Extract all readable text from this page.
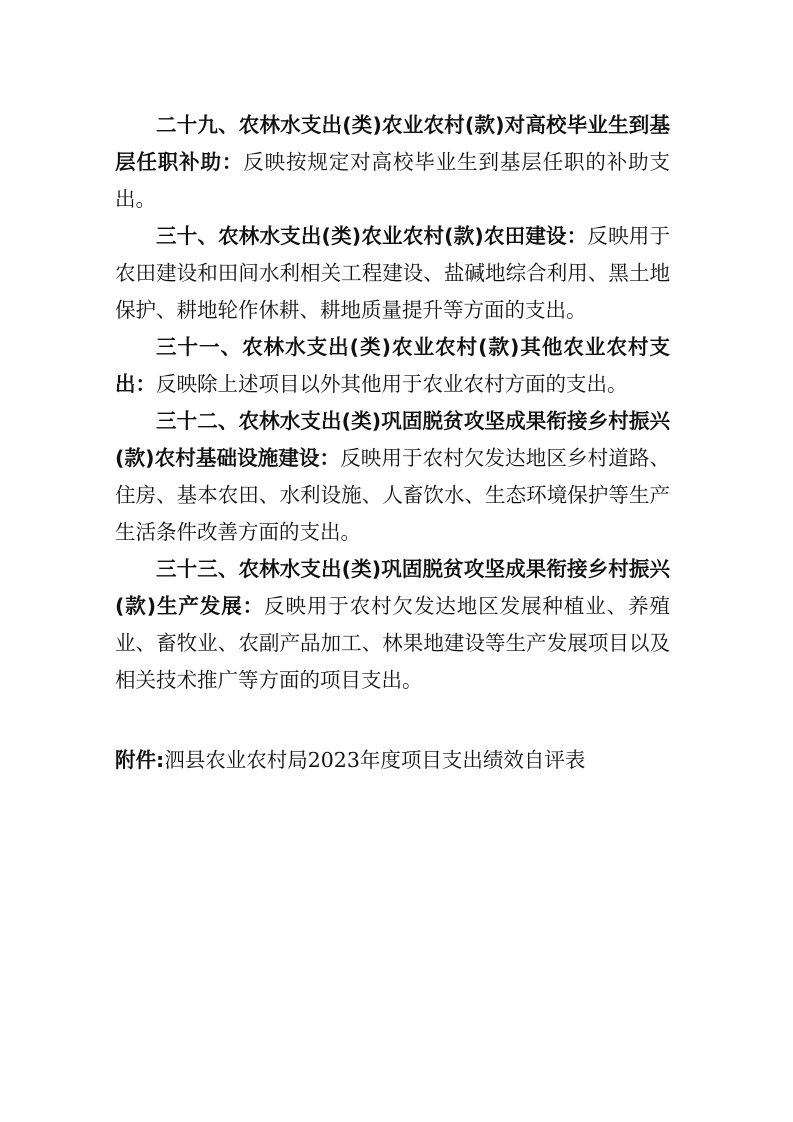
二十九、农林水支出(类)农业农村(款)对高校毕业生到基层任职补助：反映按规定对高校毕业生到基层任职的补助支出。

三十、农林水支出(类)农业农村(款)农田建设：反映用于农田建设和田间水利相关工程建设、盐碱地综合利用、黑土地保护、耕地轮作休耕、耕地质量提升等方面的支出。

三十一、农林水支出(类)农业农村(款)其他农业农村支出：反映除上述项目以外其他用于农业农村方面的支出。

三十二、农林水支出(类)巩固脱贫攻坚成果衔接乡村振兴(款)农村基础设施建设：反映用于农村欠发达地区乡村道路、住房、基本农田、水利设施、人畜饮水、生态环境保护等生产生活条件改善方面的支出。

三十三、农林水支出(类)巩固脱贫攻坚成果衔接乡村振兴(款)生产发展：反映用于农村欠发达地区发展种植业、养殖业、畜牧业、农副产品加工、林果地建设等生产发展项目以及相关技术推广等方面的项目支出。

附件:泗县农业农村局2023年度项目支出绩效自评表
